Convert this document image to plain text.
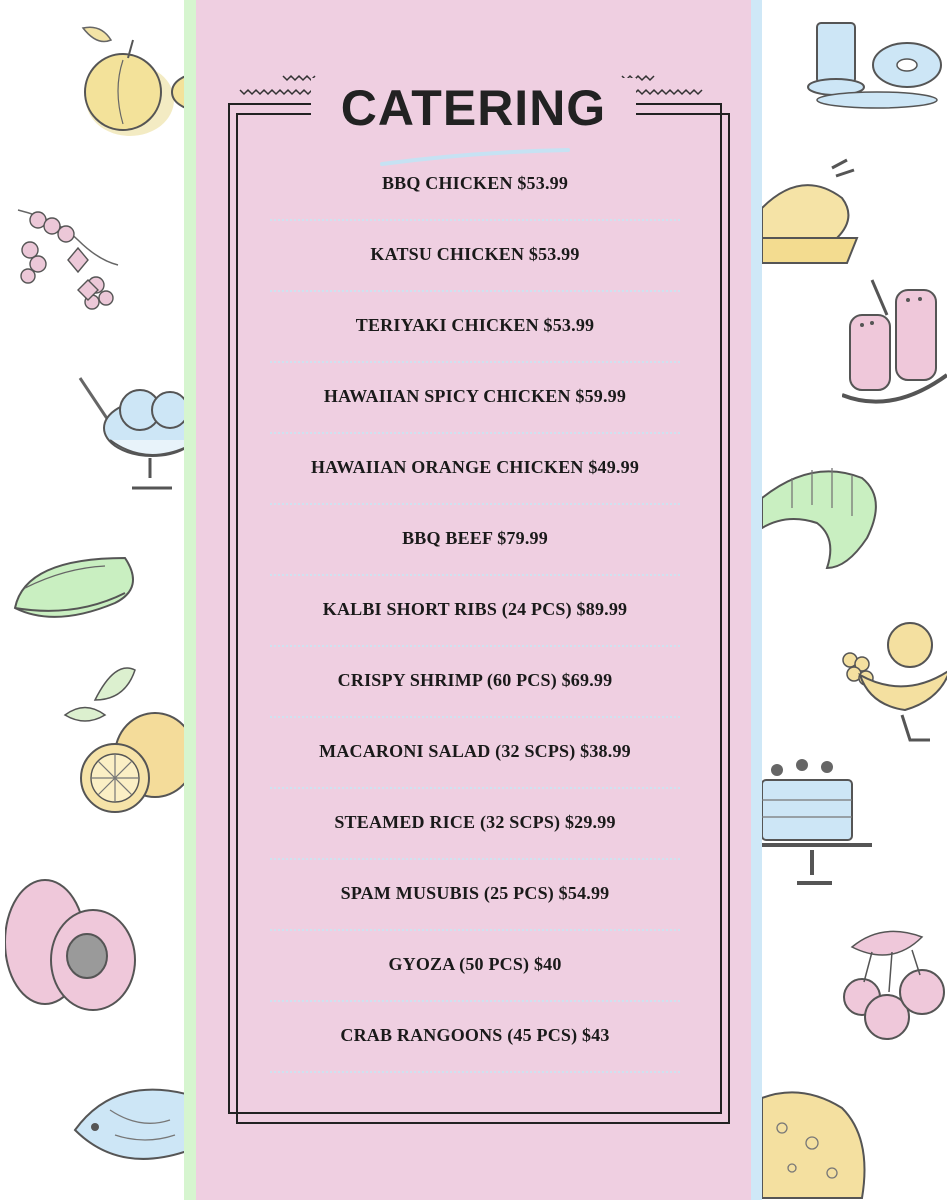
CATERING
BBQ CHICKEN $53.99
KATSU CHICKEN $53.99
TERIYAKI CHICKEN $53.99
HAWAIIAN SPICY CHICKEN $59.99
HAWAIIAN ORANGE CHICKEN $49.99
BBQ BEEF $79.99
KALBI SHORT RIBS (24 PCS) $89.99
CRISPY SHRIMP (60 PCS) $69.99
MACARONI SALAD (32 SCPS) $38.99
STEAMED RICE (32 SCPS) $29.99
SPAM MUSUBIS (25 PCS) $54.99
GYOZA (50 PCS) $40
CRAB RANGOONS (45 PCS) $43
